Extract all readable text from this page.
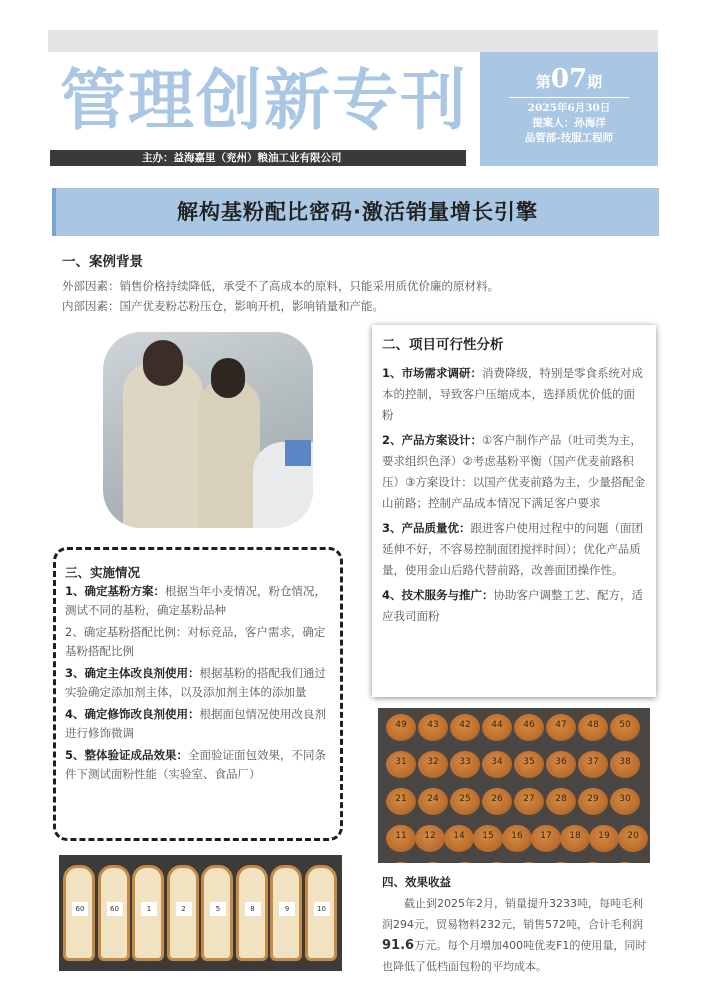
管理创新专刊
主办：益海嘉里（兖州）粮油工业有限公司
第07期
2025年6月30日
提案人：孙海洋
品管部-技服工程师
解构基粉配比密码·激活销量增长引擎
一、案例背景

外部因素：销售价格持续降低，承受不了高成本的原料，只能采用质优价廉的原材料。

内部因素：国产优麦粉芯粉压仓，影响开机，影响销量和产能。

二、项目可行性分析

1、市场需求调研：消费降级，特别是零食系统对成本的控制，导致客户压缩成本，选择质优价低的面粉

2、产品方案设计：①客户制作产品（吐司类为主，要求组织色泽）②考虑基粉平衡（国产优麦前路积压）③方案设计：以国产优麦前路为主，少量搭配金山前路；控制产品成本情况下满足客户要求

3、产品质量优：跟进客户使用过程中的问题（面团延伸不好，不容易控制面团搅拌时间）；优化产品质量，使用金山后路代替前路，改善面团操作性。

4、技术服务与推广：协助客户调整工艺、配方，适应我司面粉

三、实施情况

1、确定基粉方案：根据当年小麦情况，粉仓情况，测试不同的基粉，确定基粉品种

2、确定基粉搭配比例：对标竞品，客户需求，确定基粉搭配比例

3、确定主体改良剂使用：根据基粉的搭配我们通过实验确定添加剂主体，以及添加剂主体的添加量

4、确定修饰改良剂使用：根据面包情况使用改良剂进行修饰微调

5、整体验证成品效果：全面验证面包效果，不同条件下测试面粉性能（实验室、食品厂）

49	43	42	44	46	47	48	50
31	32	33	34	35	36	37	38
21	24	25	26	27	28	29	30
11	12	14	15	16	17	18	19	20
60	60	1	2	5	8	9	10
四、效果收益

截止到2025年2月，销量提升3233吨，每吨毛利润294元，贸易物料232元，销售572吨，合计毛利润91.6万元。每个月增加400吨优麦F1的使用量，同时也降低了低档面包粉的平均成本。
